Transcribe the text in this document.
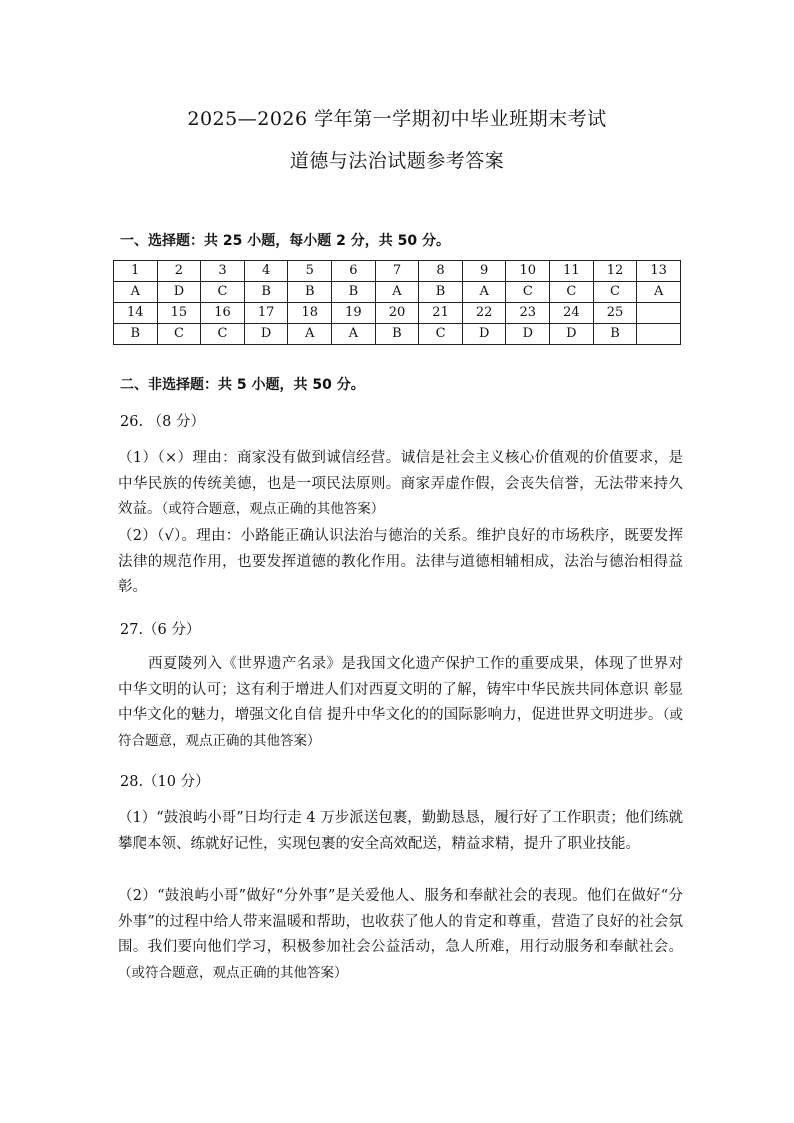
2025—2026 学年第一学期初中毕业班期末考试
道德与法治试题参考答案
一、选择题：共 25 小题，每小题 2 分，共 50 分。
1	2	3	4	5	6	7	8	9	10	11	12	13
A	D	C	B	B	B	A	B	A	C	C	C	A
14	15	16	17	18	19	20	21	22	23	24	25	
B	C	C	D	A	A	B	C	D	D	D	B	
二、非选择题：共 5 小题，共 50 分。
26. （8 分）
（1）（×）理由：商家没有做到诚信经营。诚信是社会主义核心价值观的价值要求，是中华民族的传统美德，也是一项民法原则。商家弄虚作假，会丧失信誉，无法带来持久效益。（或符合题意，观点正确的其他答案）
（2）（√）。理由：小路能正确认识法治与德治的关系。维护良好的市场秩序，既要发挥法律的规范作用，也要发挥道德的教化作用。法律与道德相辅相成，法治与德治相得益彰。
27.（6 分）
西夏陵列入《世界遗产名录》是我国文化遗产保护工作的重要成果，体现了世界对中华文明的认可；这有利于增进人们对西夏文明的了解，铸牢中华民族共同体意识 彰显中华文化的魅力，增强文化自信 提升中华文化的的国际影响力，促进世界文明进步。（或符合题意，观点正确的其他答案）
28.（10 分）
（1）“鼓浪屿小哥”日均行走 4 万步派送包裹，勤勤恳恳，履行好了工作职责；他们练就攀爬本领、练就好记性，实现包裹的安全高效配送，精益求精，提升了职业技能。
（2）“鼓浪屿小哥”做好“分外事”是关爱他人、服务和奉献社会的表现。他们在做好“分外事”的过程中给人带来温暖和帮助，也收获了他人的肯定和尊重，营造了良好的社会氛围。我们要向他们学习，积极参加社会公益活动，急人所难，用行动服务和奉献社会。（或符合题意，观点正确的其他答案）
